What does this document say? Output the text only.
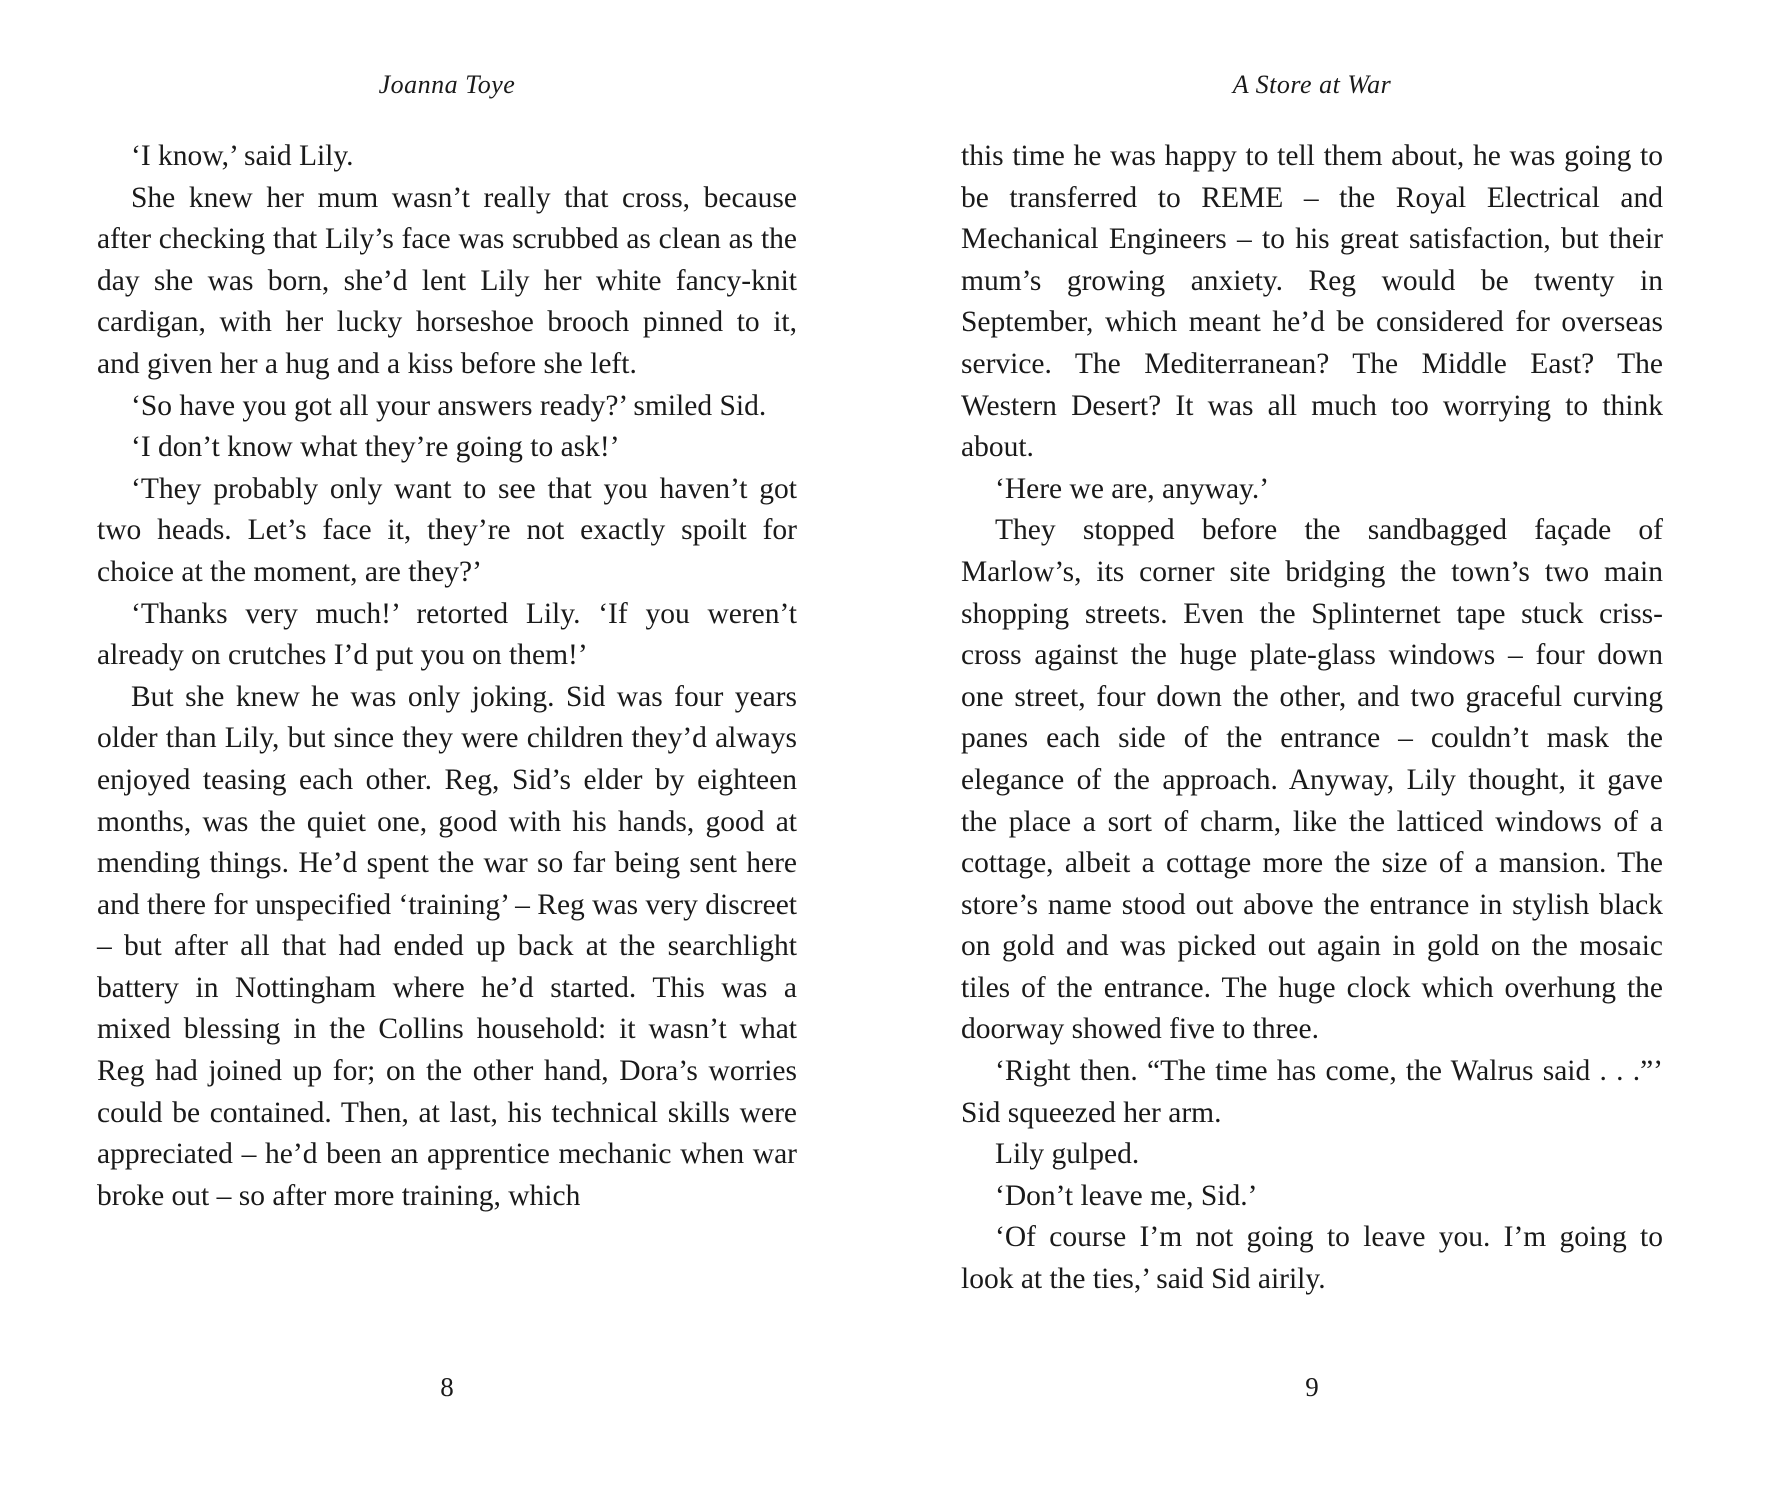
Joanna Toye

‘I know,’ said Lily.

She knew her mum wasn’t really that cross, because after checking that Lily’s face was scrubbed as clean as the day she was born, she’d lent Lily her white fancy-knit cardigan, with her lucky horseshoe brooch pinned to it, and given her a hug and a kiss before she left.

‘So have you got all your answers ready?’ smiled Sid.

‘I don’t know what they’re going to ask!’

‘They probably only want to see that you haven’t got two heads. Let’s face it, they’re not exactly spoilt for choice at the moment, are they?’

‘Thanks very much!’ retorted Lily. ‘If you weren’t already on crutches I’d put you on them!’

But she knew he was only joking. Sid was four years older than Lily, but since they were children they’d always enjoyed teasing each other. Reg, Sid’s elder by eighteen months, was the quiet one, good with his hands, good at mending things. He’d spent the war so far being sent here and there for unspecified ‘training’ – Reg was very discreet – but after all that had ended up back at the searchlight battery in Nottingham where he’d started. This was a mixed blessing in the Collins household: it wasn’t what Reg had joined up for; on the other hand, Dora’s worries could be contained. Then, at last, his technical skills were appreciated – he’d been an apprentice mechanic when war broke out – so after more training, which

8
A Store at War

this time he was happy to tell them about, he was going to be transferred to REME – the Royal Electrical and Mechanical Engineers – to his great satisfaction, but their mum’s growing anxiety. Reg would be twenty in September, which meant he’d be considered for overseas service. The Mediterranean? The Middle East? The Western Desert? It was all much too worrying to think about.

‘Here we are, anyway.’

They stopped before the sandbagged façade of Marlow’s, its corner site bridging the town’s two main shopping streets. Even the Splinternet tape stuck criss-cross against the huge plate-glass windows – four down one street, four down the other, and two graceful curving panes each side of the entrance – couldn’t mask the elegance of the approach. Anyway, Lily thought, it gave the place a sort of charm, like the latticed windows of a cottage, albeit a cottage more the size of a mansion. The store’s name stood out above the entrance in stylish black on gold and was picked out again in gold on the mosaic tiles of the entrance. The huge clock which overhung the doorway showed five to three.

‘Right then. “The time has come, the Walrus said . . .”’ Sid squeezed her arm.

Lily gulped.

‘Don’t leave me, Sid.’

‘Of course I’m not going to leave you. I’m going to look at the ties,’ said Sid airily.

9
